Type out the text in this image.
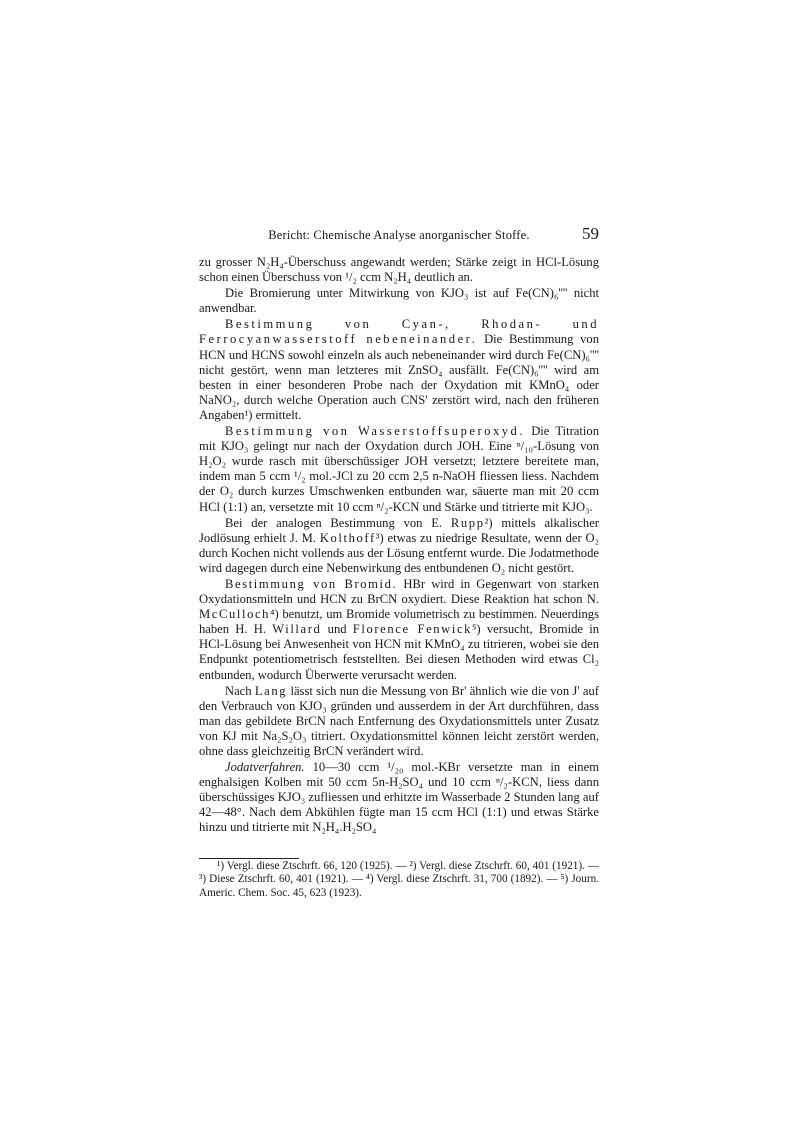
Bericht: Chemische Analyse anorganischer Stoffe.	59

zu grosser N₂H₄-Überschuss angewandt werden; Stärke zeigt in HCl-Lösung schon einen Überschuss von ¹/₂ ccm N₂H₄ deutlich an.

Die Bromierung unter Mitwirkung von KJO₃ ist auf Fe(CN)₆'''' nicht anwendbar.

Bestimmung von Cyan-, Rhodan- und Ferrocyanwasserstoff nebeneinander. Die Bestimmung von HCN und HCNS sowohl einzeln als auch nebeneinander wird durch Fe(CN)₆'''' nicht gestört, wenn man letzteres mit ZnSO₄ ausfällt. Fe(CN)₆'''' wird am besten in einer besonderen Probe nach der Oxydation mit KMnO₄ oder NaNO₂, durch welche Operation auch CNS' zerstört wird, nach den früheren Angaben¹) ermittelt.

Bestimmung von Wasserstoffsuperoxyd. Die Titration mit KJO₃ gelingt nur nach der Oxydation durch JOH. Eine ⁿ/₁₀-Lösung von H₂O₂ wurde rasch mit überschüssiger JOH versetzt; letztere bereitete man, indem man 5 ccm ¹/₂ mol.-JCl zu 20 ccm 2,5 n-NaOH fliessen liess. Nachdem der O₂ durch kurzes Umschwenken entbunden war, säuerte man mit 20 ccm HCl (1:1) an, versetzte mit 10 ccm ⁿ/₂-KCN und Stärke und titrierte mit KJO₃.

Bei der analogen Bestimmung von E. Rupp²) mittels alkalischer Jodlösung erhielt J. M. Kolthoff³) etwas zu niedrige Resultate, wenn der O₂ durch Kochen nicht vollends aus der Lösung entfernt wurde. Die Jodatmethode wird dagegen durch eine Nebenwirkung des entbundenen O₂ nicht gestört.

Bestimmung von Bromid. HBr wird in Gegenwart von starken Oxydationsmitteln und HCN zu BrCN oxydiert. Diese Reaktion hat schon N. McCulloch⁴) benutzt, um Bromide volumetrisch zu bestimmen. Neuerdings haben H. H. Willard und Florence Fenwick⁵) versucht, Bromide in HCl-Lösung bei Anwesenheit von HCN mit KMnO₄ zu titrieren, wobei sie den Endpunkt potentiometrisch feststellten. Bei diesen Methoden wird etwas Cl₂ entbunden, wodurch Überwerte verursacht werden.

Nach Lang lässt sich nun die Messung von Br' ähnlich wie die von J' auf den Verbrauch von KJO₃ gründen und ausserdem in der Art durchführen, dass man das gebildete BrCN nach Entfernung des Oxydationsmittels unter Zusatz von KJ mit Na₂S₂O₃ titriert. Oxydationsmittel können leicht zerstört werden, ohne dass gleichzeitig BrCN verändert wird.

Jodatverfahren. 10—30 ccm ¹/₂₀ mol.-KBr versetzte man in einem enghalsigen Kolben mit 50 ccm 5n-H₂SO₄ und 10 ccm ⁿ/₂-KCN, liess dann überschüssiges KJO₃ zufliessen und erhitzte im Wasserbade 2 Stunden lang auf 42—48°. Nach dem Abkühlen fügte man 15 ccm HCl (1:1) und etwas Stärke hinzu und titrierte mit N₂H₄.H₂SO₄

¹) Vergl. diese Ztschrft. 66, 120 (1925). — ²) Vergl. diese Ztschrft. 60, 401 (1921). — ³) Diese Ztschrft. 60, 401 (1921). — ⁴) Vergl. diese Ztschrft. 31, 700 (1892). — ⁵) Journ. Americ. Chem. Soc. 45, 623 (1923).
